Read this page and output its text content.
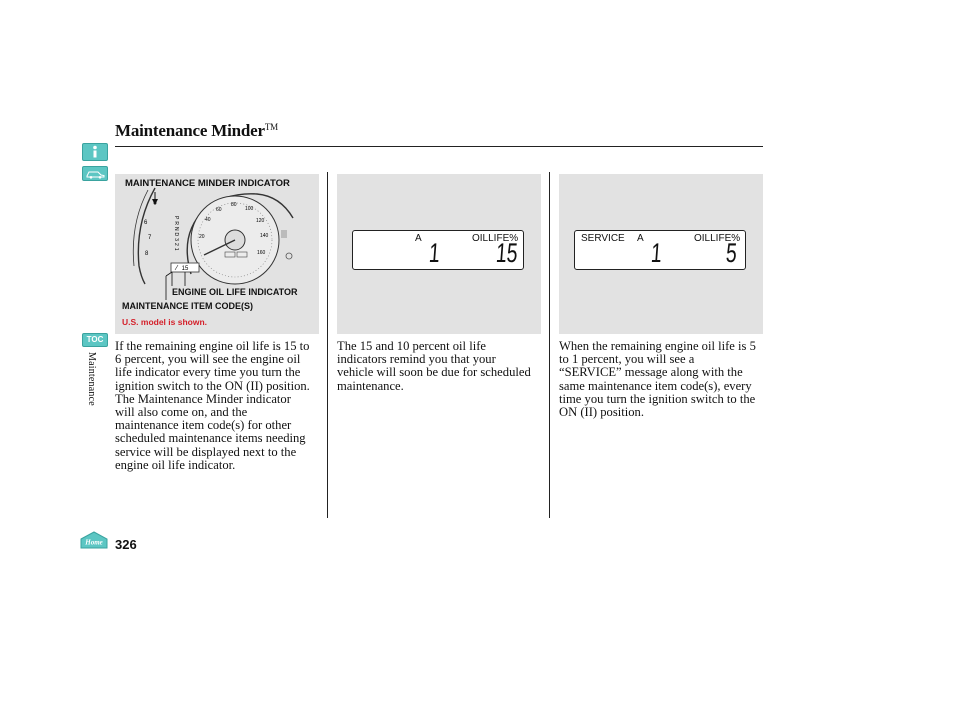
Maintenance Minder™
TOC
Maintenance
Home 326
6
7
8
PRND321	20
40
60
80
100
120
140
160
15
MAINTENANCE MINDER INDICATOR
ENGINE OIL LIFE INDICATOR
MAINTENANCE ITEM CODE(S)
U.S. model is shown.
A	OILLIFE%
1 15	SERVICE A	OILLIFE%
1 5
If the remaining engine oil life is 15 to 6 percent, you will see the engine oil life indicator every time you turn the ignition switch to the ON (II) position. The Maintenance Minder indicator will also come on, and the maintenance item code(s) for other scheduled maintenance items needing service will be displayed next to the engine oil life indicator.
The 15 and 10 percent oil life indicators remind you that your vehicle will soon be due for scheduled maintenance.
When the remaining engine oil life is 5 to 1 percent, you will see a “SERVICE” message along with the same maintenance item code(s), every time you turn the ignition switch to the ON (II) position.
